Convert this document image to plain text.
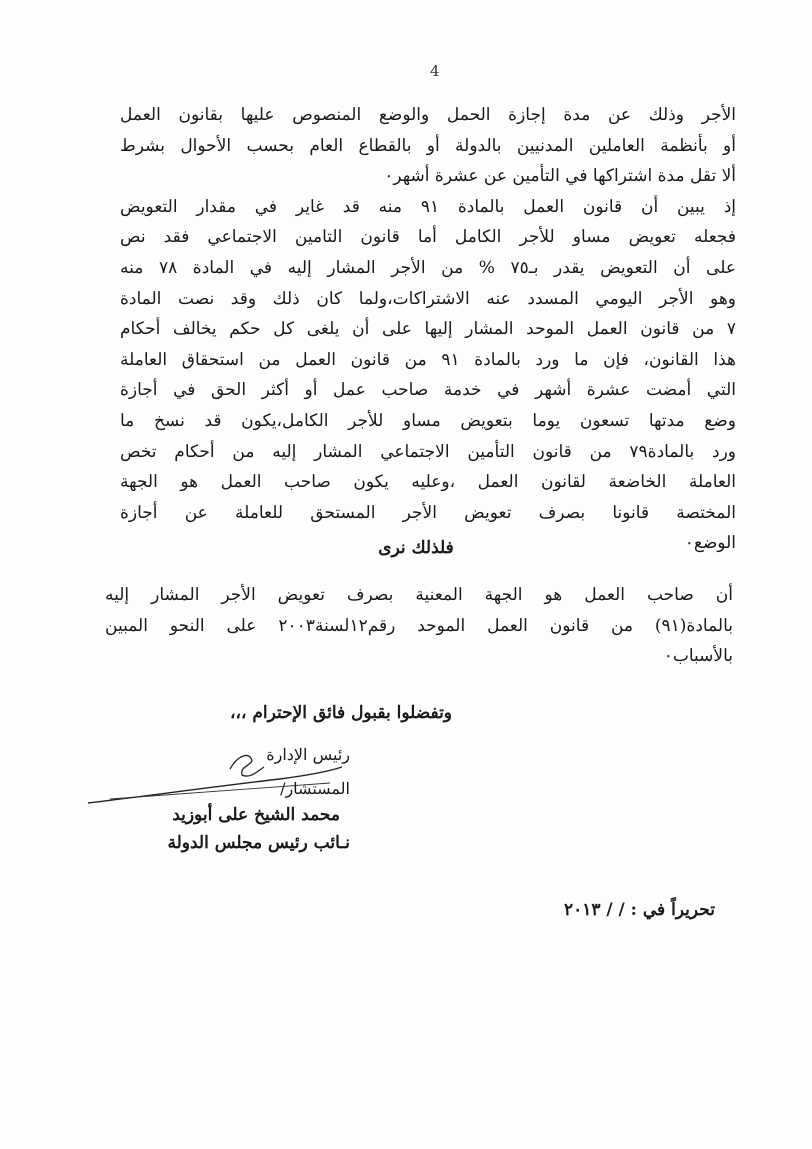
4
الأجر وذلك عن مدة إجازة الحمل والوضع المنصوص عليها بقانون العمل
أو بأنظمة العاملين المدنيين بالدولة أو بالقطاع العام بحسب الأحوال بشرط
ألا تقل مدة اشتراكها في التأمين عن عشرة أشهر٠
إذ يبين أن قانون العمل بالمادة ٩١ منه قد غاير في مقدار التعويض
فجعله تعويض مساو للأجر الكامل أما قانون التامين الاجتماعي فقد نص
على أن التعويض يقدر بـ٧٥ % من الأجر المشار إليه في المادة ٧٨ منه
وهو الأجر اليومي المسدد عنه الاشتراكات،ولما كان ذلك وقد نصت المادة
٧ من قانون العمل الموحد المشار إليها على أن يلغى كل حكم يخالف أحكام
هذا القانون، فإن ما ورد بالمادة ٩١ من قانون العمل من استحقاق العاملة
التي أمضت عشرة أشهر في خدمة صاحب عمل أو أكثر الحق في أجازة
وضع مدتها تسعون يوما بتعويض مساو للأجر الكامل،يكون قد نسخ ما
ورد بالمادة٧٩ من قانون التأمين الاجتماعي المشار إليه من أحكام تخص
العاملة الخاضعة لقانون العمل ،وعليه يكون صاحب العمل هو الجهة
المختصة قانونا بصرف تعويض الأجر المستحق للعاملة عن أجازة
الوضع٠
فلذلك نرى
أن صاحب العمل هو الجهة المعنية بصرف تعويض الأجر المشار إليه
بالمادة(٩١) من قانون العمل الموحد رقم١٢لسنة٢٠٠٣ على النحو المبين
بالأسباب٠
وتفضلوا بقبول فائق الإحترام ،،،
رئيس الإدارة
المستشار/
محمد الشيخ على أبوزيد
نـائب رئيس مجلس الدولة
تحريراً في : / / ٢٠١٣
